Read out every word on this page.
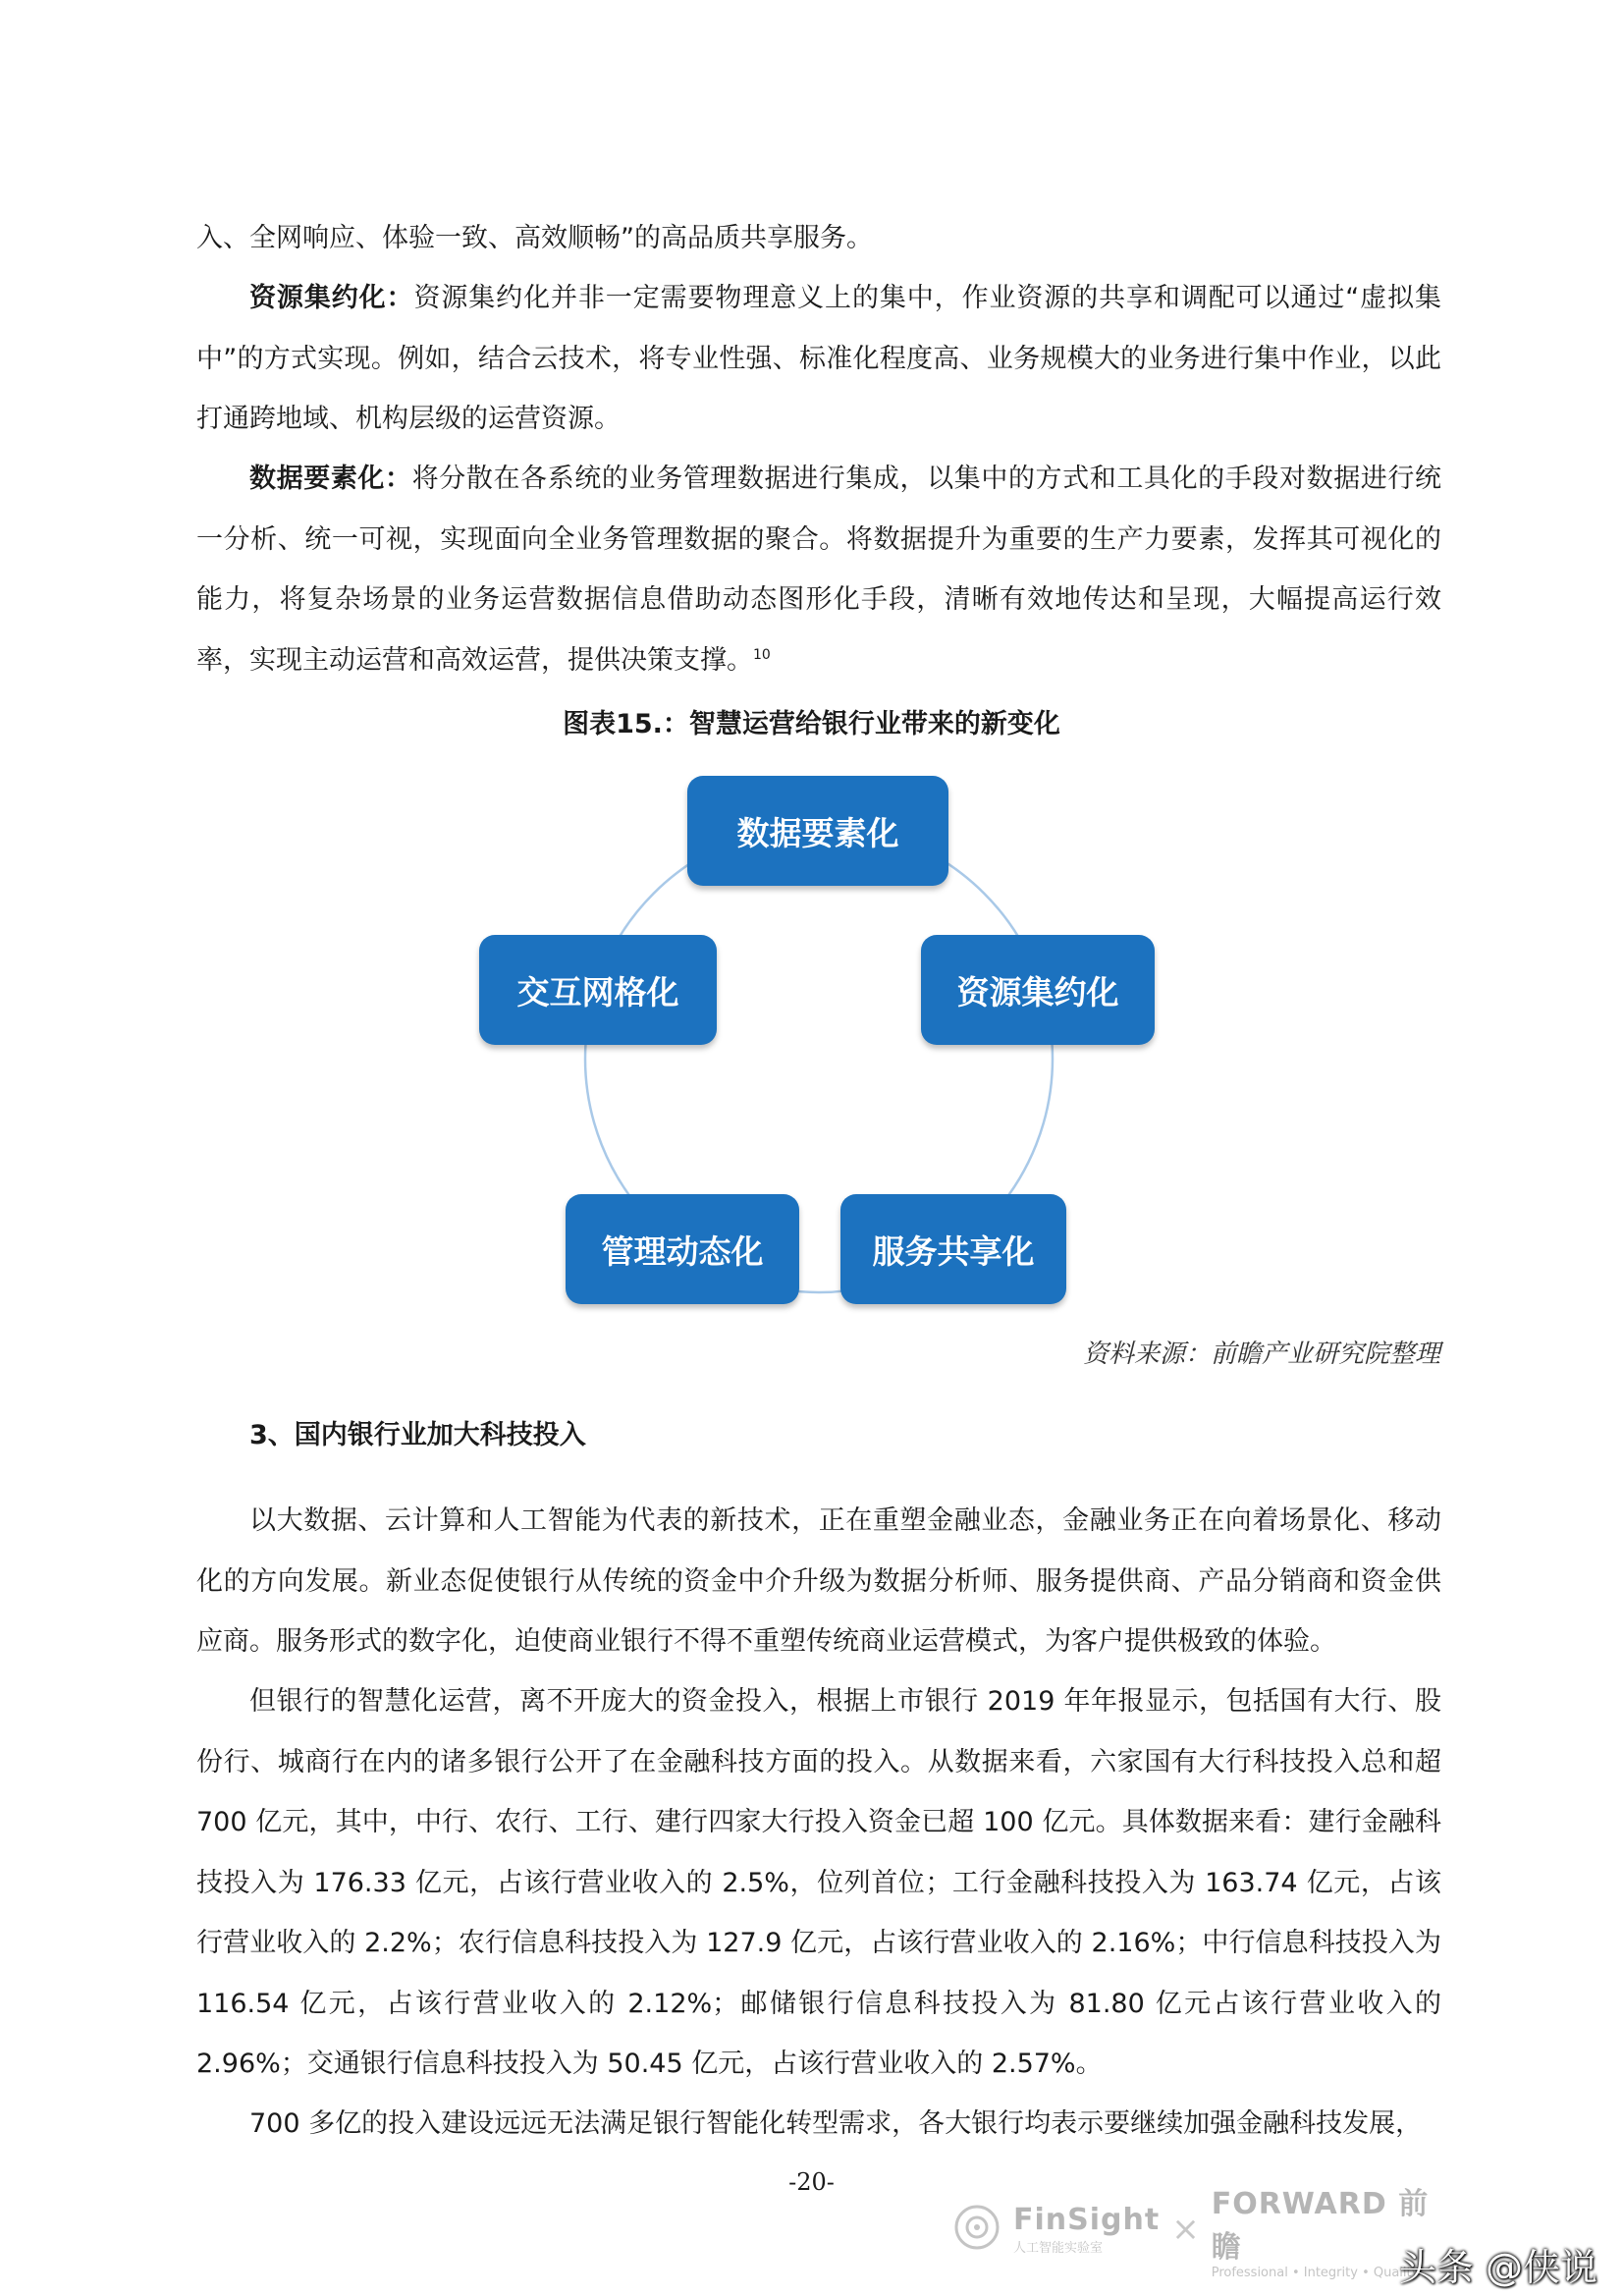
入、全网响应、体验一致、高效顺畅”的高品质共享服务。

资源集约化：资源集约化并非一定需要物理意义上的集中，作业资源的共享和调配可以通过“虚拟集中”的方式实现。例如，结合云技术，将专业性强、标准化程度高、业务规模大的业务进行集中作业，以此打通跨地域、机构层级的运营资源。

数据要素化：将分散在各系统的业务管理数据进行集成，以集中的方式和工具化的手段对数据进行统一分析、统一可视，实现面向全业务管理数据的聚合。将数据提升为重要的生产力要素，发挥其可视化的能力，将复杂场景的业务运营数据信息借助动态图形化手段，清晰有效地传达和呈现，大幅提高运行效率，实现主动运营和高效运营，提供决策支撑。$^{10}$

图表15.：智慧运营给银行业带来的新变化
数据要素化
资源集约化
服务共享化
管理动态化
交互网格化
资料来源：前瞻产业研究院整理
3、国内银行业加大科技投入

以大数据、云计算和人工智能为代表的新技术，正在重塑金融业态，金融业务正在向着场景化、移动化的方向发展。新业态促使银行从传统的资金中介升级为数据分析师、服务提供商、产品分销商和资金供应商。服务形式的数字化，迫使商业银行不得不重塑传统商业运营模式，为客户提供极致的体验。

但银行的智慧化运营，离不开庞大的资金投入，根据上市银行 2019 年年报显示，包括国有大行、股份行、城商行在内的诸多银行公开了在金融科技方面的投入。从数据来看，六家国有大行科技投入总和超 700 亿元，其中，中行、农行、工行、建行四家大行投入资金已超 100 亿元。具体数据来看：建行金融科技投入为 176.33 亿元，占该行营业收入的 2.5%，位列首位；工行金融科技投入为 163.74 亿元，占该行营业收入的 2.2%；农行信息科技投入为 127.9 亿元，占该行营业收入的 2.16%；中行信息科技投入为 116.54 亿元，占该行营业收入的 2.12%；邮储银行信息科技投入为 81.80 亿元占该行营业收入的 2.96%；交通银行信息科技投入为 50.45 亿元，占该行营业收入的 2.57%。

700 多亿的投入建设远远无法满足银行智能化转型需求，各大银行均表示要继续加强金融科技发展，

-20-
FinSight
人工智能实验室	×
FORWARD 前瞻
Professional • Integrity • Quality
头条 @侠说
